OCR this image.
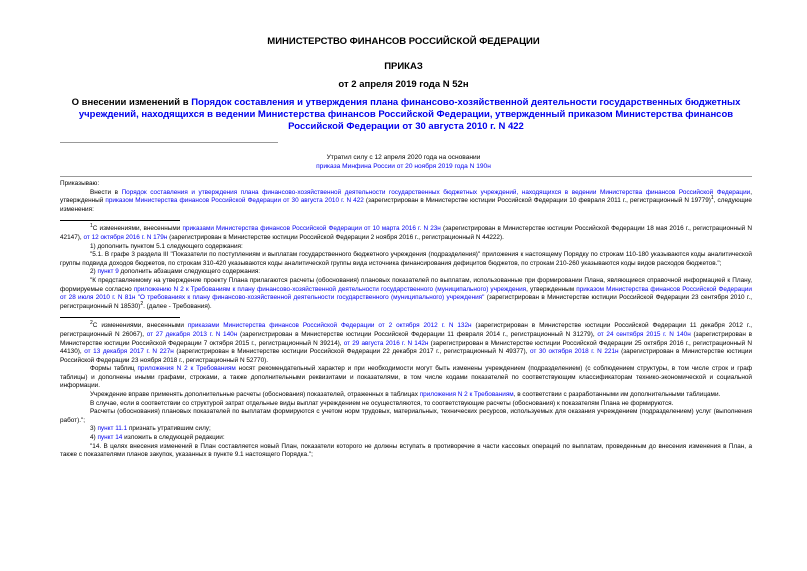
МИНИСТЕРСТВО ФИНАНСОВ РОССИЙСКОЙ ФЕДЕРАЦИИ
ПРИКАЗ
от 2 апреля 2019 года N 52н
О внесении изменений в Порядок составления и утверждения плана финансово-хозяйственной деятельности государственных бюджетных учреждений, находящихся в ведении Министерства финансов Российской Федерации, утвержденный приказом Министерства финансов Российской Федерации от 30 августа 2010 г. N 422
Утратил силу с 12 апреля 2020 года на основании
приказа Минфина России от 20 ноября 2019 года N 190н

Приказываю:

Внести в Порядок составления и утверждения плана финансово-хозяйственной деятельности государственных бюджетных учреждений, находящихся в ведении Министерства финансов Российской Федерации, утвержденный приказом Министерства финансов Российской Федерации от 30 августа 2010 г. N 422 (зарегистрирован в Министерстве юстиции Российской Федерации 10 февраля 2011 г., регистрационный N 19779)$^1$, следующие изменения:

$^1$С изменениями, внесенными приказами Министерства финансов Российской Федерации от 10 марта 2016 г. N 23н (зарегистрирован в Министерстве юстиции Российской Федерации 18 мая 2016 г., регистрационный N 42147), от 12 октября 2016 г. N 179н (зарегистрирован в Министерстве юстиции Российской Федерации 2 ноября 2016 г., регистрационный N 44222).

1) дополнить пунктом 5.1 следующего содержания:

"5.1. В графе 3 раздела III "Показатели по поступлениям и выплатам государственного бюджетного учреждения (подразделения)" приложения к настоящему Порядку по строкам 110-180 указываются коды аналитической группы подвида доходов бюджетов, по строкам 310-420 указываются коды аналитической группы вида источника финансирования дефицитов бюджетов, по строкам 210-260 указываются коды видов расходов бюджетов.";

2) пункт 9 дополнить абзацами следующего содержания:

"К представляемому на утверждение проекту Плана прилагаются расчеты (обоснования) плановых показателей по выплатам, использованные при формировании Плана, являющиеся справочной информацией к Плану, формируемые согласно приложению N 2 к Требованиям к плану финансово-хозяйственной деятельности государственного (муниципального) учреждения, утвержденным приказом Министерства финансов Российской Федерации от 28 июля 2010 г. N 81н "О требованиях к плану финансово-хозяйственной деятельности государственного (муниципального) учреждения" (зарегистрирован в Министерстве юстиции Российской Федерации 23 сентября 2010 г., регистрационный N 18530)$^2$. (далее - Требования).

$^2$С изменениями, внесенными приказами Министерства финансов Российской Федерации от 2 октября 2012 г. N 132н (зарегистрирован в Министерстве юстиции Российской Федерации 11 декабря 2012 г., регистрационный N 26067), от 27 декабря 2013 г. N 140н (зарегистрирован в Министерстве юстиции Российской Федерации 11 февраля 2014 г., регистрационный N 31279), от 24 сентября 2015 г. N 140н (зарегистрирован в Министерстве юстиции Российской Федерации 7 октября 2015 г., регистрационный N 39214), от 29 августа 2016 г. N 142н (зарегистрирован в Министерстве юстиции Российской Федерации 25 октября 2016 г., регистрационный N 44130), от 13 декабря 2017 г. N 227н (зарегистрирован в Министерстве юстиции Российской Федерации 22 декабря 2017 г., регистрационный N 49377), от 30 октября 2018 г. N 221н (зарегистрирован в Министерстве юстиции Российской Федерации 23 ноября 2018 г., регистрационный N 52770).

Формы таблиц приложения N 2 к Требованиям носят рекомендательный характер и при необходимости могут быть изменены учреждением (подразделением) (с соблюдением структуры, в том числе строк и граф таблицы) и дополнены иными графами, строками, а также дополнительными реквизитами и показателями, в том числе кодами показателей по соответствующим классификаторам технико-экономической и социальной информации.

Учреждение вправе применять дополнительные расчеты (обоснования) показателей, отраженных в таблицах приложения N 2 к Требованиям, в соответствии с разработанными им дополнительными таблицами.

В случае, если в соответствии со структурой затрат отдельные виды выплат учреждением не осуществляются, то соответствующие расчеты (обоснования) к показателям Плана не формируются.

Расчеты (обоснования) плановых показателей по выплатам формируются с учетом норм трудовых, материальных, технических ресурсов, используемых для оказания учреждением (подразделением) услуг (выполнения работ).";

3) пункт 11.1 признать утратившим силу;

4) пункт 14 изложить в следующей редакции:

"14. В целях внесения изменений в План составляется новый План, показатели которого не должны вступать в противоречие в части кассовых операций по выплатам, проведенным до внесения изменения в План, а также с показателями планов закупок, указанных в пункте 9.1 настоящего Порядка.";
